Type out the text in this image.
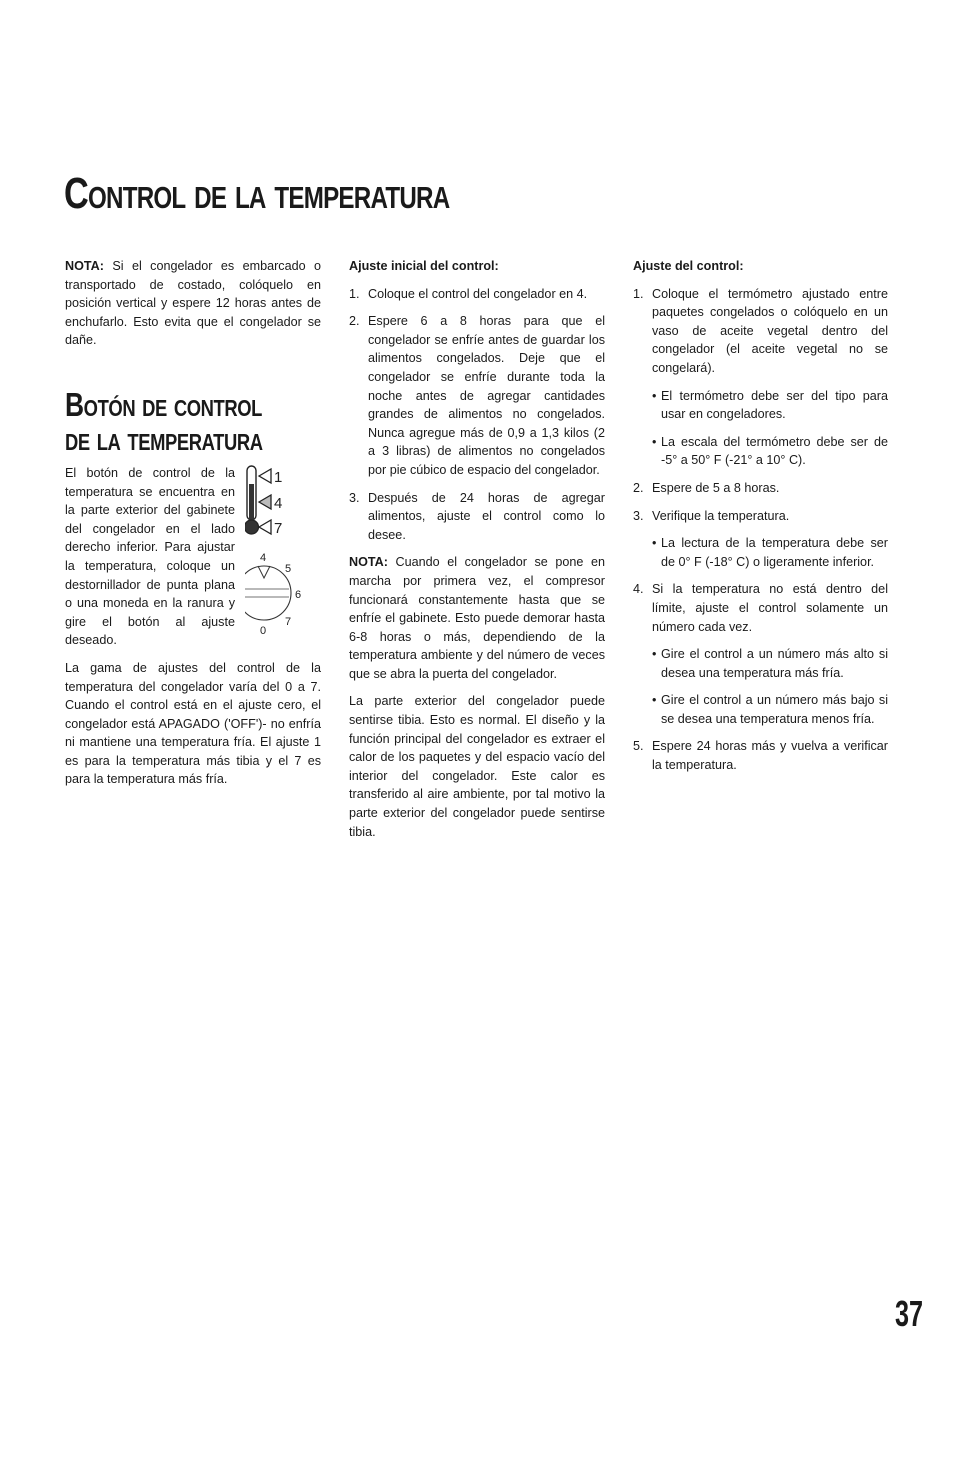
Control de la temperatura

NOTA: Si el congelador es embarcado o transportado de costado, colóquelo en posición vertical y espere 12 horas antes de enchufarlo. Esto evita que el congelador se dañe.

Botón de control
de la temperatura
1
4
7
4
5
6
7
0

El botón de control de la temperatura se encuentra en la parte exterior del gabinete del congelador en el lado derecho inferior. Para ajustar la temperatura, coloque un destornillador de punta plana o una moneda en la ranura y gire el botón al ajuste deseado.

La gama de ajustes del control de la temperatura del congelador varía del 0 a 7. Cuando el control está en el ajuste cero, el congelador está APAGADO ('OFF')- no enfría ni mantiene una temperatura fría. El ajuste 1 es para la temperatura más tibia y el 7 es para la temperatura más fría.

Ajuste inicial del control:
1. Coloque el control del congelador en 4.
2. Espere 6 a 8 horas para que el congelador se enfríe antes de guardar los alimentos congelados. Deje que el congelador se enfríe durante toda la noche antes de agregar cantidades grandes de alimentos no congelados. Nunca agregue más de 0,9 a 1,3 kilos (2 a 3 libras) de alimentos no congelados por pie cúbico de espacio del congelador.
3. Después de 24 horas de agregar alimentos, ajuste el control como lo desee.

NOTA: Cuando el congelador se pone en marcha por primera vez, el compresor funcionará constantemente hasta que se enfríe el gabinete. Esto puede demorar hasta 6-8 horas o más, dependiendo de la temperatura ambiente y del número de veces que se abra la puerta del congelador.

La parte exterior del congelador puede sentirse tibia. Esto es normal. El diseño y la función principal del congelador es extraer el calor de los paquetes y del espacio vacío del interior del congelador. Este calor es transferido al aire ambiente, por tal motivo la parte exterior del congelador puede sentirse tibia.

Ajuste del control:
1. Coloque el termómetro ajustado entre paquetes congelados o colóquelo en un vaso de aceite vegetal dentro del congelador (el aceite vegetal no se congelará).
• El termómetro debe ser del tipo para usar en congeladores.
• La escala del termómetro debe ser de -5° a 50° F (-21° a 10° C).
2. Espere de 5 a 8 horas.
3. Verifique la temperatura.
• La lectura de la temperatura debe ser de 0° F (-18° C) o ligeramente inferior.
4. Si la temperatura no está dentro del límite, ajuste el control solamente un número cada vez.
• Gire el control a un número más alto si desea una temperatura más fría.
• Gire el control a un número más bajo si se desea una temperatura menos fría.
5. Espere 24 horas más y vuelva a verificar la temperatura.
37
